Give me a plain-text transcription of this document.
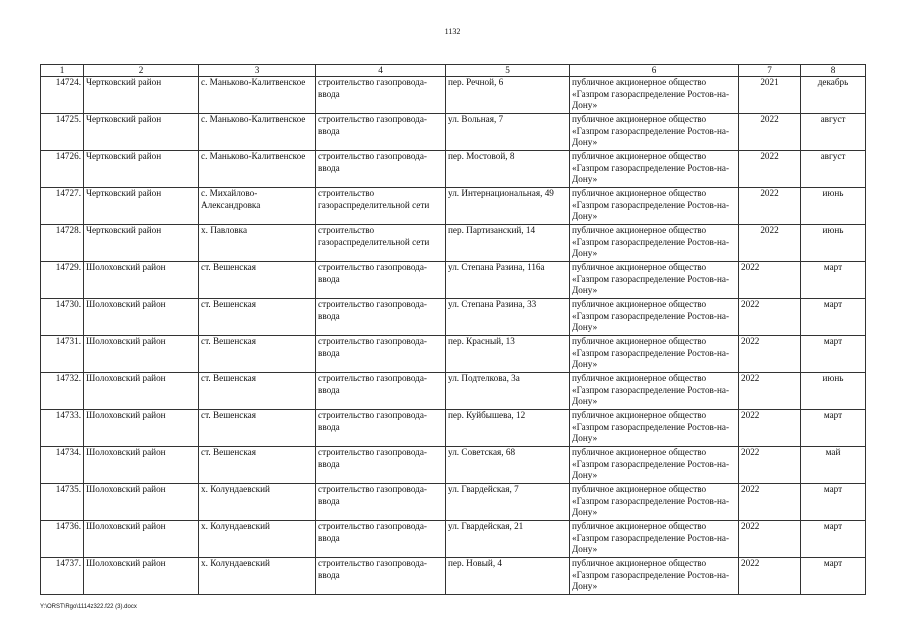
1132
1	2	3	4	5	6	7	8
14724.	Чертковский район	с. Маньково-Калитвенское	строительство газопровода-ввода	пер. Речной, 6	публичное акционерное общество «Газпром газораспределение Ростов-на-Дону»	2021	декабрь
14725.	Чертковский район	с. Маньково-Калитвенское	строительство газопровода-ввода	ул. Вольная, 7	публичное акционерное общество «Газпром газораспределение Ростов-на-Дону»	2022	август
14726.	Чертковский район	с. Маньково-Калитвенское	строительство газопровода-ввода	пер. Мостовой, 8	публичное акционерное общество «Газпром газораспределение Ростов-на-Дону»	2022	август
14727.	Чертковский район	с. Михайлово-Александровка	строительство газораспределительной сети	ул. Интернациональная, 49	публичное акционерное общество «Газпром газораспределение Ростов-на-Дону»	2022	июнь
14728.	Чертковский район	х. Павловка	строительство газораспределительной сети	пер. Партизанский, 14	публичное акционерное общество «Газпром газораспределение Ростов-на-Дону»	2022	июнь
14729.	Шолоховский район	ст. Вешенская	строительство газопровода-ввода	ул. Степана Разина, 116а	публичное акционерное общество «Газпром газораспределение Ростов-на-Дону»	2022	март
14730.	Шолоховский район	ст. Вешенская	строительство газопровода-ввода	ул. Степана Разина, 33	публичное акционерное общество «Газпром газораспределение Ростов-на-Дону»	2022	март
14731.	Шолоховский район	ст. Вешенская	строительство газопровода-ввода	пер. Красный, 13	публичное акционерное общество «Газпром газораспределение Ростов-на-Дону»	2022	март
14732.	Шолоховский район	ст. Вешенская	строительство газопровода-ввода	ул. Подтелкова, 3а	публичное акционерное общество «Газпром газораспределение Ростов-на-Дону»	2022	июнь
14733.	Шолоховский район	ст. Вешенская	строительство газопровода-ввода	пер. Куйбышева, 12	публичное акционерное общество «Газпром газораспределение Ростов-на-Дону»	2022	март
14734.	Шолоховский район	ст. Вешенская	строительство газопровода-ввода	ул. Советская, 68	публичное акционерное общество «Газпром газораспределение Ростов-на-Дону»	2022	май
14735.	Шолоховский район	х. Колундаевский	строительство газопровода-ввода	ул. Гвардейская, 7	публичное акционерное общество «Газпром газораспределение Ростов-на-Дону»	2022	март
14736.	Шолоховский район	х. Колундаевский	строительство газопровода-ввода	ул. Гвардейская, 21	публичное акционерное общество «Газпром газораспределение Ростов-на-Дону»	2022	март
14737.	Шолоховский район	х. Колундаевский	строительство газопровода-ввода	пер. Новый, 4	публичное акционерное общество «Газпром газораспределение Ростов-на-Дону»	2022	март
Y:\ORST\Rgo\1114z322.f22 (3).docx
